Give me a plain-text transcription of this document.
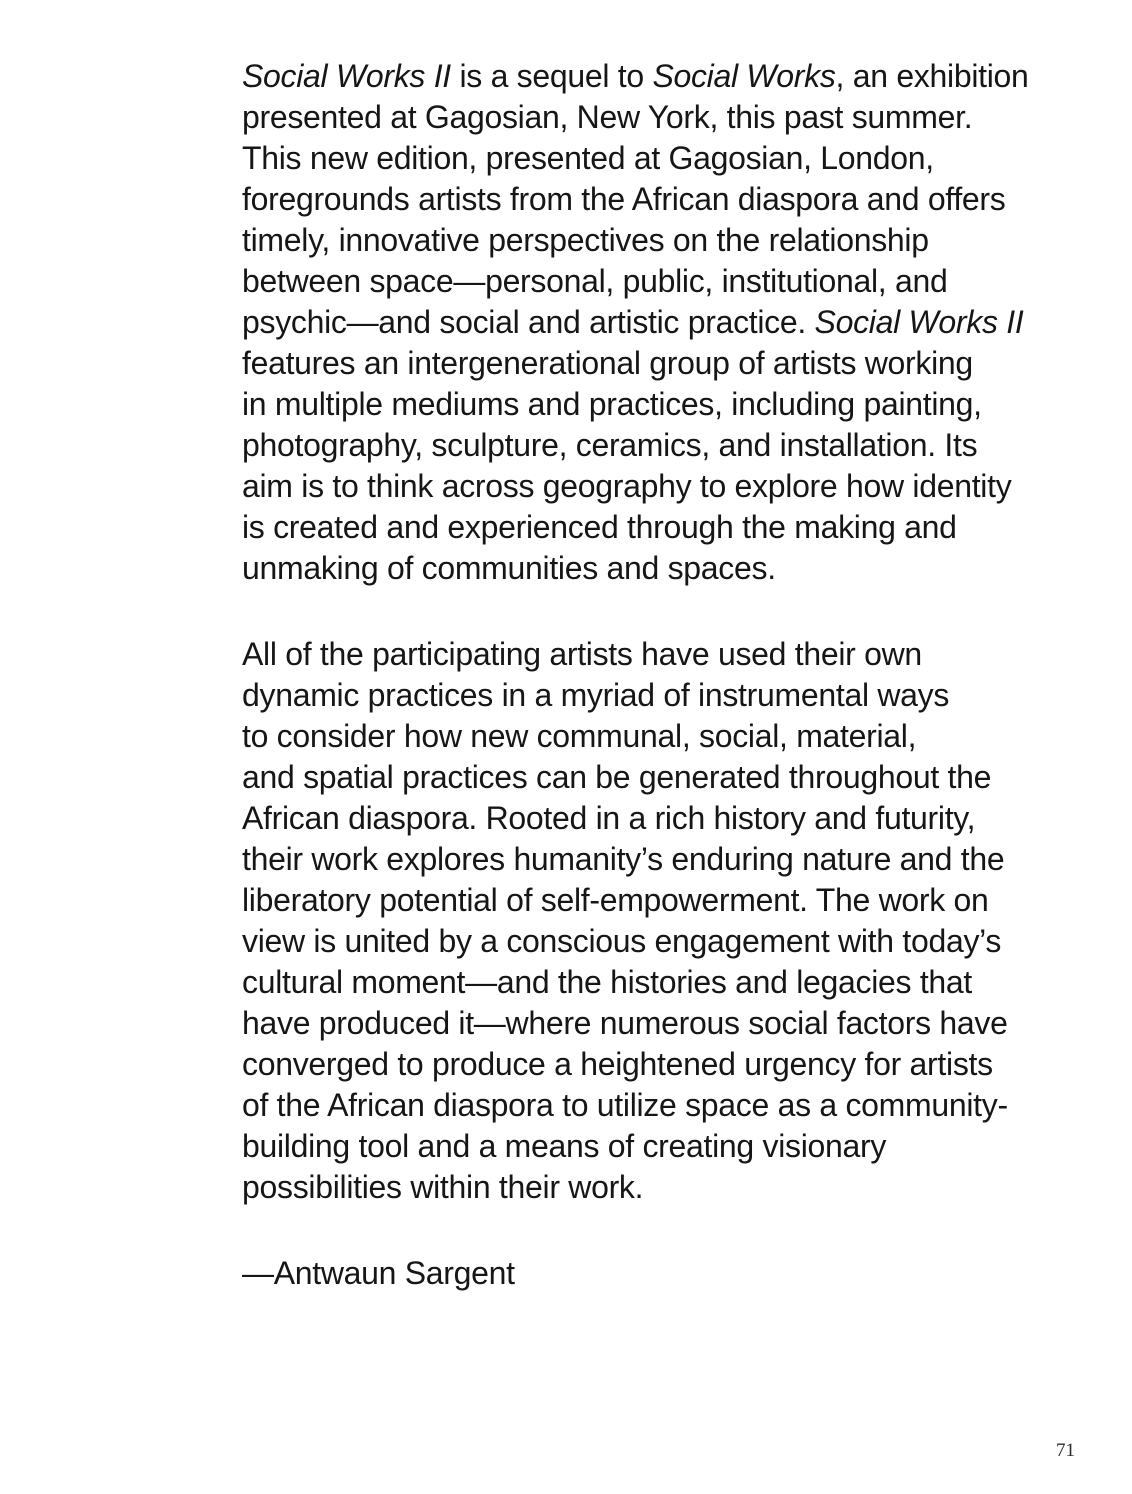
Social Works II is a sequel to Social Works, an exhibition
presented at Gagosian, New York, this past summer.
This new edition, presented at Gagosian, London,
foregrounds artists from the African diaspora and offers
timely, innovative perspectives on the relationship
between space—personal, public, institutional, and
psychic—and social and artistic practice. Social Works II
features an intergenerational group of artists working
in multiple mediums and practices, including painting,
photography, sculpture, ceramics, and installation. Its
aim is to think across geography to explore how identity
is created and experienced through the making and
unmaking of communities and spaces.

All of the participating artists have used their own
dynamic practices in a myriad of instrumental ways
to consider how new communal, social, material,
and spatial practices can be generated throughout the
African diaspora. Rooted in a rich history and futurity,
their work explores humanity’s enduring nature and the
liberatory potential of self-empowerment. The work on
view is united by a conscious engagement with today’s
cultural moment—and the histories and legacies that
have produced it—where numerous social factors have
converged to produce a heightened urgency for artists
of the African diaspora to utilize space as a community-
building tool and a means of creating visionary
possibilities within their work.

—Antwaun Sargent

71
